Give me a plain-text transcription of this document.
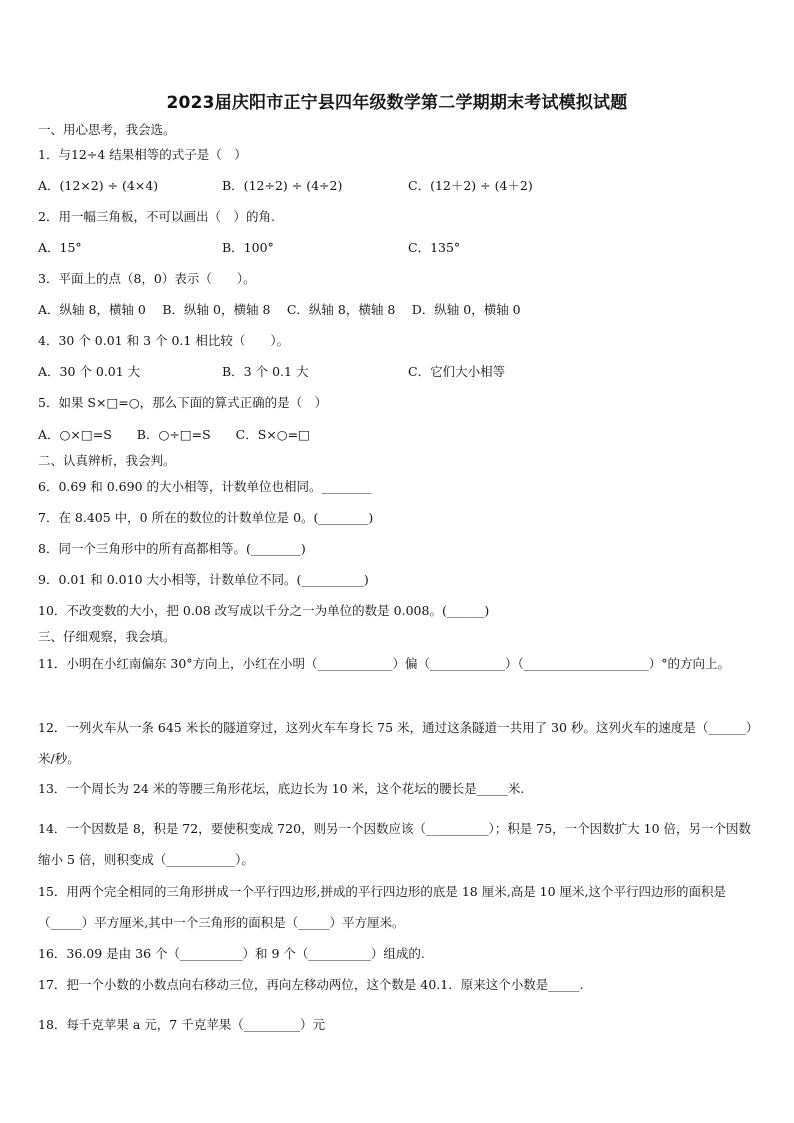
2023届庆阳市正宁县四年级数学第二学期期末考试模拟试题
一、用心思考，我会选。
1．与12÷4 结果相等的式子是（　）
A．(12×2) ÷ (4×4)	B．(12÷2) ÷ (4÷2)	C．(12＋2) ÷ (4＋2)
2．用一幅三角板，不可以画出（　）的角.
A．15°	B．100°	C．135°
3．平面上的点（8，0）表示（　　）。
A．纵轴 8，横轴 0　 B．纵轴 0，横轴 8　 C．纵轴 8，横轴 8　 D．纵轴 0，横轴 0
4．30 个 0.01 和 3 个 0.1 相比较（　　）。
A．30 个 0.01 大	B．3 个 0.1 大	C．它们大小相等
5．如果 S×□=○，那么下面的算式正确的是（　）
A．○×□=S　　B．○÷□=S　　C．S×○=□
二、认真辨析，我会判。
6．0.69 和 0.690 的大小相等，计数单位也相同。________
7．在 8.405 中，0 所在的数位的计数单位是 0。(________)
8．同一个三角形中的所有高都相等。(________)
9．0.01 和 0.010 大小相等，计数单位不同。(__________)
10．不改变数的大小，把 0.08 改写成以千分之一为单位的数是 0.008。(______)
三、仔细观察，我会填。
11．小明在小红南偏东 30°方向上，小红在小明（____________）偏（____________）（____________________）°的方向上。
12．一列火车从一条 645 米长的隧道穿过，这列火车车身长 75 米，通过这条隧道一共用了 30 秒。这列火车的速度是（______）米/秒。
13．一个周长为 24 米的等腰三角形花坛，底边长为 10 米，这个花坛的腰长是_____米.
14．一个因数是 8，积是 72，要使积变成 720，则另一个因数应该（__________）；积是 75，一个因数扩大 10 倍，另一个因数缩小 5 倍，则积变成（___________）。
15．用两个完全相同的三角形拼成一个平行四边形,拼成的平行四边形的底是 18 厘米,高是 10 厘米,这个平行四边形的面积是（_____）平方厘米,其中一个三角形的面积是（_____）平方厘米。
16．36.09 是由 36 个（__________）和 9 个（__________）组成的.
17．把一个小数的小数点向右移动三位，再向左移动两位，这个数是 40.1．原来这个小数是_____.
18．每千克苹果 a 元，7 千克苹果（_________）元
